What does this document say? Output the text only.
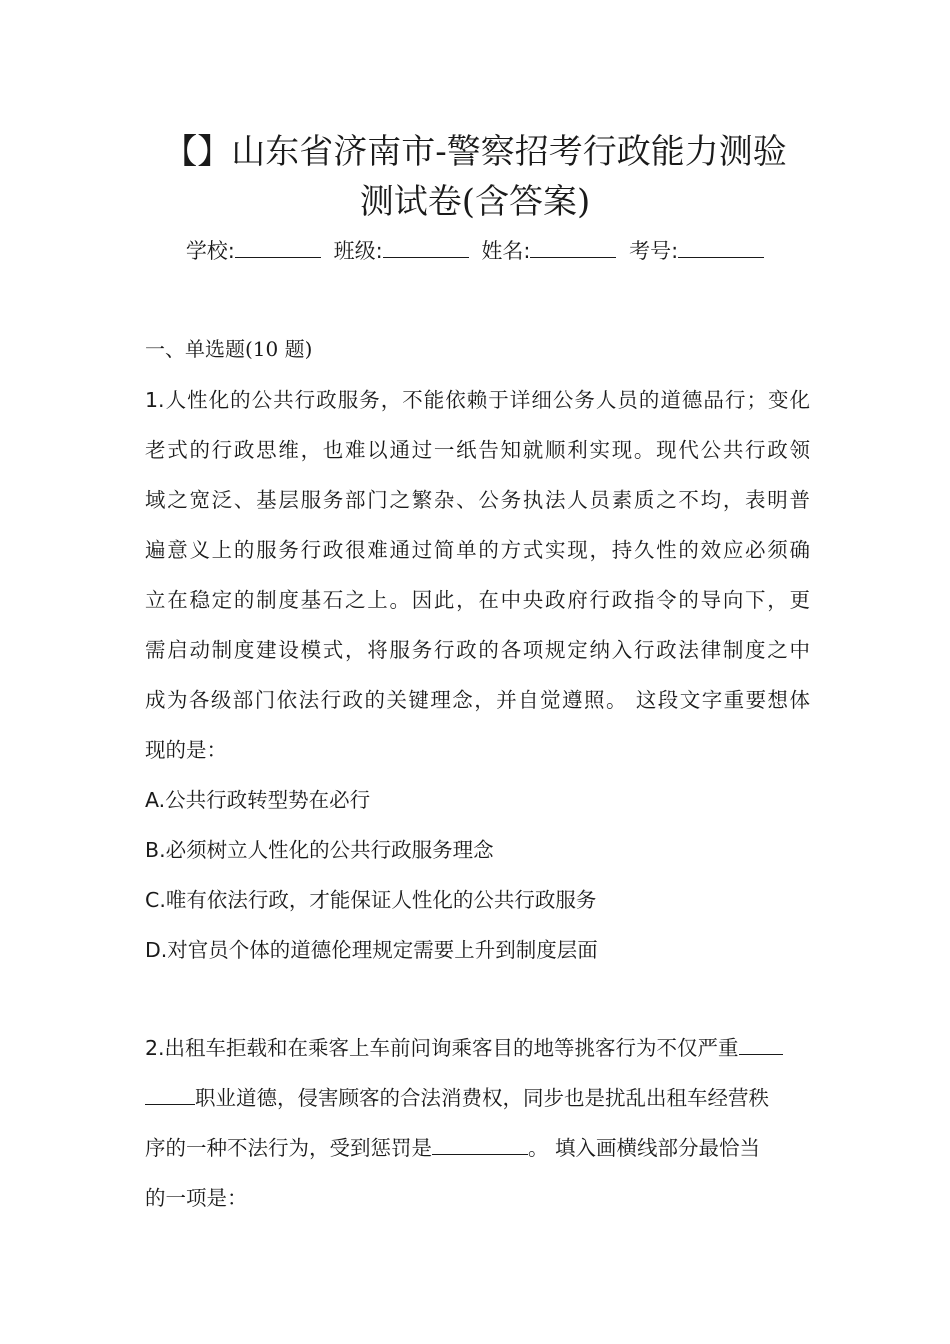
【】山东省济南市-警察招考行政能力测验
测试卷(含答案)
学校:	班级:	姓名:	考号:
一、单选题(10 题)
1.人性化的公共行政服务，不能依赖于详细公务人员的道德品行；变化
老式的行政思维，也难以通过一纸告知就顺利实现。现代公共行政领
域之宽泛、基层服务部门之繁杂、公务执法人员素质之不均，表明普
遍意义上的服务行政很难通过简单的方式实现，持久性的效应必须确
立在稳定的制度基石之上。因此，在中央政府行政指令的导向下，更
需启动制度建设模式，将服务行政的各项规定纳入行政法律制度之中
成为各级部门依法行政的关键理念，并自觉遵照。 这段文字重要想体
现的是：
A.公共行政转型势在必行
B.必须树立人性化的公共行政服务理念
C.唯有依法行政，才能保证人性化的公共行政服务
D.对官员个体的道德伦理规定需要上升到制度层面
2.出租车拒载和在乘客上车前问询乘客目的地等挑客行为不仅严重
职业道德，侵害顾客的合法消费权，同步也是扰乱出租车经营秩
序的一种不法行为，受到惩罚是	。 填入画横线部分最恰当
的一项是：
